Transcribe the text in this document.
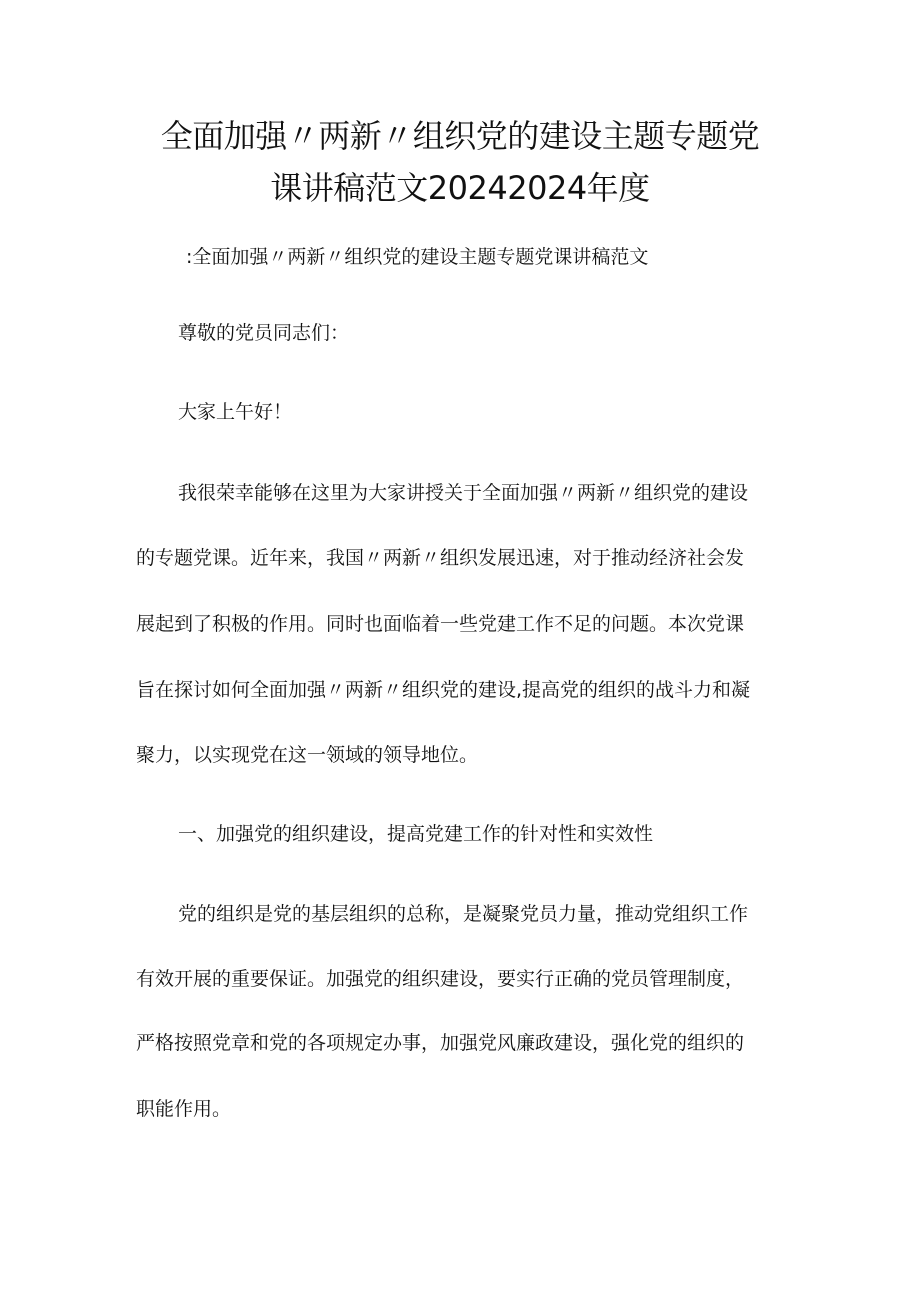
全面加强〃两新〃组织党的建设主题专题党
课讲稿范文20242024年度

:全面加强〃两新〃组织党的建设主题专题党课讲稿范文

尊敬的党员同志们：

大家上午好！

我很荣幸能够在这里为大家讲授关于全面加强〃两新〃组织党的建设

的专题党课。近年来，我国〃两新〃组织发展迅速，对于推动经济社会发

展起到了积极的作用。同时也面临着一些党建工作不足的问题。本次党课

旨在探讨如何全面加强〃两新〃组织党的建设,提高党的组织的战斗力和凝

聚力，以实现党在这一领域的领导地位。

一、加强党的组织建设，提高党建工作的针对性和实效性

党的组织是党的基层组织的总称，是凝聚党员力量，推动党组织工作

有效开展的重要保证。加强党的组织建设，要实行正确的党员管理制度，

严格按照党章和党的各项规定办事，加强党风廉政建设，强化党的组织的

职能作用。
